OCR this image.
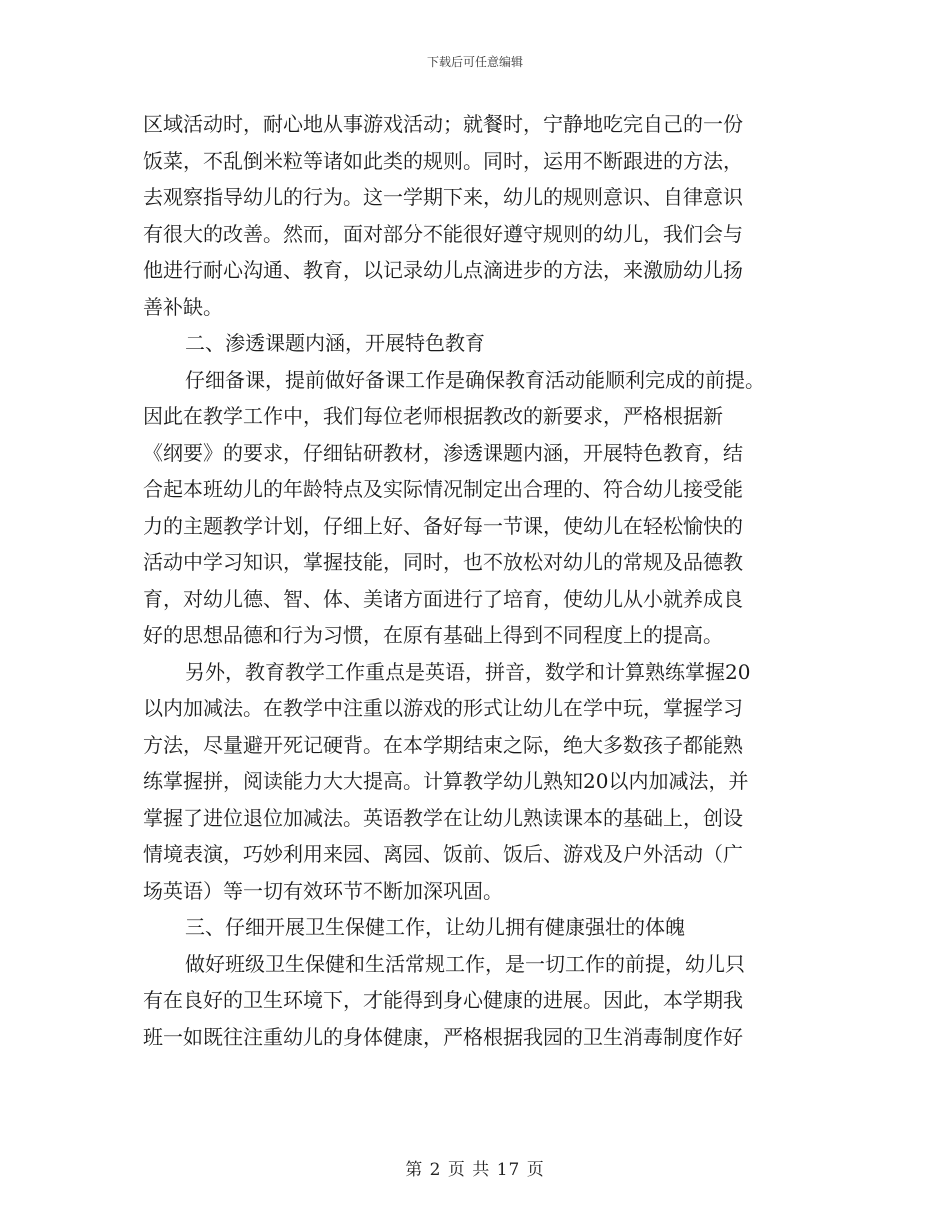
下载后可任意编辑
区域活动时，耐心地从事游戏活动；就餐时，宁静地吃完自己的一份
饭菜，不乱倒米粒等诸如此类的规则。同时，运用不断跟进的方法，
去观察指导幼儿的行为。这一学期下来，幼儿的规则意识、自律意识
有很大的改善。然而，面对部分不能很好遵守规则的幼儿，我们会与
他进行耐心沟通、教育，以记录幼儿点滴进步的方法，来激励幼儿扬
善补缺。
二、渗透课题内涵，开展特色教育
仔细备课，提前做好备课工作是确保教育活动能顺利完成的前提。
因此在教学工作中，我们每位老师根据教改的新要求，严格根据新
《纲要》的要求，仔细钻研教材，渗透课题内涵，开展特色教育，结
合起本班幼儿的年龄特点及实际情况制定出合理的、符合幼儿接受能
力的主题教学计划，仔细上好、备好每一节课，使幼儿在轻松愉快的
活动中学习知识，掌握技能，同时，也不放松对幼儿的常规及品德教
育，对幼儿德、智、体、美诸方面进行了培育，使幼儿从小就养成良
好的思想品德和行为习惯，在原有基础上得到不同程度上的提高。
另外，教育教学工作重点是英语，拼音，数学和计算熟练掌握20
以内加减法。在教学中注重以游戏的形式让幼儿在学中玩，掌握学习
方法，尽量避开死记硬背。在本学期结束之际，绝大多数孩子都能熟
练掌握拼，阅读能力大大提高。计算教学幼儿熟知20以内加减法，并
掌握了进位退位加减法。英语教学在让幼儿熟读课本的基础上，创设
情境表演，巧妙利用来园、离园、饭前、饭后、游戏及户外活动（广
场英语）等一切有效环节不断加深巩固。
三、仔细开展卫生保健工作，让幼儿拥有健康强壮的体魄
做好班级卫生保健和生活常规工作，是一切工作的前提，幼儿只
有在良好的卫生环境下，才能得到身心健康的进展。因此，本学期我
班一如既往注重幼儿的身体健康，严格根据我园的卫生消毒制度作好
第 2 页 共 17 页
